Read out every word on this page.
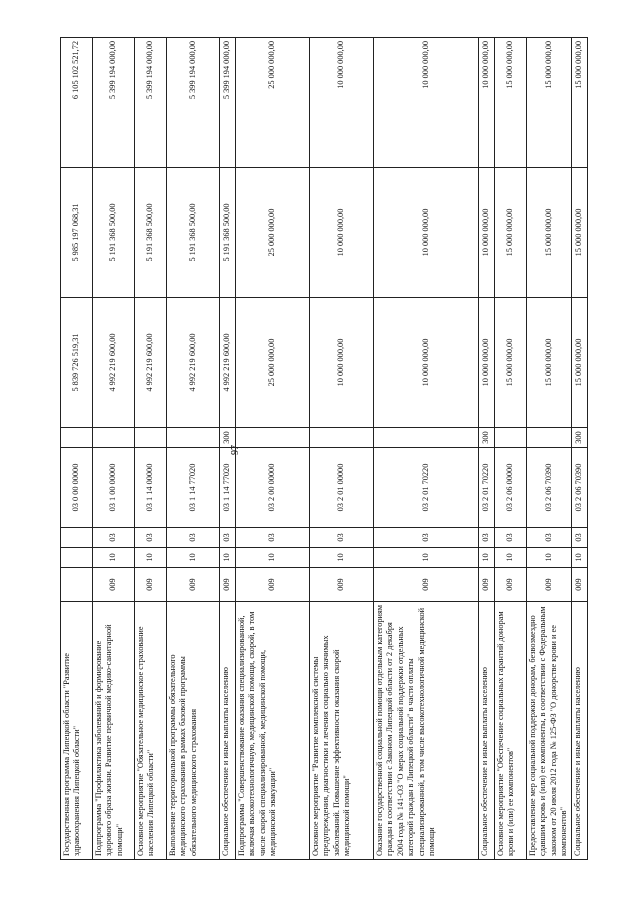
97
Государственная программа Липецкой области "Развитие здравоохранения Липецкой области"				03 0 00 00000		5 839 726 519,31	5 985 197 068,31	6 105 102 521,72
Подпрограмма "Профилактика заболеваний и формирование здорового образа жизни. Развитие первичной медико-санитарной помощи"	009	10	03	03 1 00 00000		4 992 219 600,00	5 191 368 500,00	5 399 194 000,00
Основное мероприятие "Обязательное медицинское страхование населения Липецкой области"	009	10	03	03 1 14 00000		4 992 219 600,00	5 191 368 500,00	5 399 194 000,00
Выполнение территориальной программы обязательного медицинского страхования в рамках базовой программы обязательного медицинского страхования	009	10	03	03 1 14 77020		4 992 219 600,00	5 191 368 500,00	5 399 194 000,00
Социальное обеспечение и иные выплаты населению	009	10	03	03 1 14 77020	300	4 992 219 600,00	5 191 368 500,00	5 399 194 000,00
Подпрограмма "Совершенствование оказания специализированной, включая высокотехнологичную, медицинской помощи, скорой, в том числе скорой специализированной, медицинской помощи, медицинской эвакуации"	009	10	03	03 2 00 00000		25 000 000,00	25 000 000,00	25 000 000,00
Основное мероприятие "Развитие комплексной системы предупреждения, диагностики и лечения социально значимых заболеваний. Повышение эффективности оказания скорой медицинской помощи"	009	10	03	03 2 01 00000		10 000 000,00	10 000 000,00	10 000 000,00
Оказание государственной социальной помощи отдельным категориям граждан в соответствии с Законом Липецкой области от 2 декабря 2004 года № 141-ОЗ "О мерах социальной поддержки отдельных категорий граждан в Липецкой области" в части оплаты специализированной, в том числе высокотехнологичной медицинской помощи	009	10	03	03 2 01 70220		10 000 000,00	10 000 000,00	10 000 000,00
Социальное обеспечение и иные выплаты населению	009	10	03	03 2 01 70220	300	10 000 000,00	10 000 000,00	10 000 000,00
Основное мероприятие "Обеспечение социальных гарантий донорам крови и (или) ее компонентов"	009	10	03	03 2 06 00000		15 000 000,00	15 000 000,00	15 000 000,00
Предоставление мер социальной поддержки донорам, безвозмездно сдавшим кровь и (или) ее компоненты, в соответствии с Федеральным законом от 20 июля 2012 года № 125-ФЗ "О донорстве крови и ее компонентов"	009	10	03	03 2 06 70390		15 000 000,00	15 000 000,00	15 000 000,00
Социальное обеспечение и иные выплаты населению	009	10	03	03 2 06 70390	300	15 000 000,00	15 000 000,00	15 000 000,00
